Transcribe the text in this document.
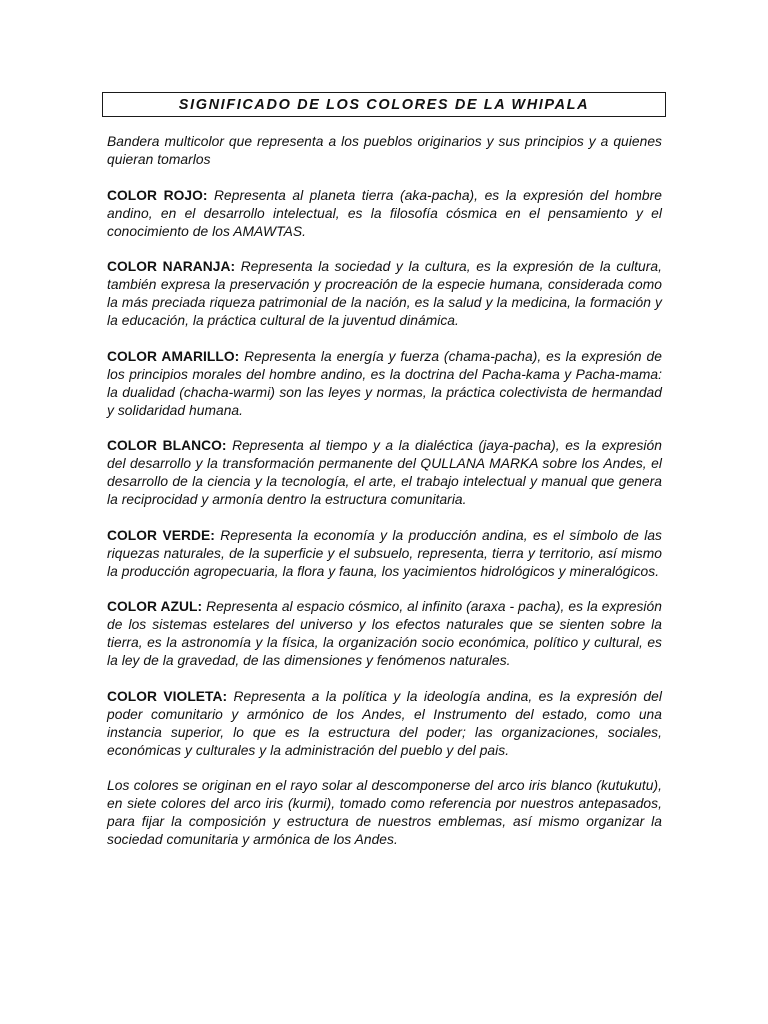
SIGNIFICADO DE LOS COLORES DE LA WHIPALA

Bandera multicolor que representa a los pueblos originarios y sus principios y a quienes quieran tomarlos

COLOR ROJO: Representa al planeta tierra (aka-pacha), es la expresión del hombre andino, en el desarrollo intelectual, es la filosofía cósmica en el pensamiento y el conocimiento de los AMAWTAS.

COLOR NARANJA: Representa la sociedad y la cultura, es la expresión de la cultura, también expresa la preservación y procreación de la especie humana, considerada como la más preciada riqueza patrimonial de la nación, es la salud y la medicina, la formación y la educación, la práctica cultural de la juventud dinámica.

COLOR AMARILLO: Representa la energía y fuerza (chama-pacha), es la expresión de los principios morales del hombre andino, es la doctrina del Pacha-kama y Pacha-mama: la dualidad (chacha-warmi) son las leyes y normas, la práctica colectivista de hermandad y solidaridad humana.

COLOR BLANCO: Representa al tiempo y a la dialéctica (jaya-pacha), es la expresión del desarrollo y la transformación permanente del QULLANA MARKA sobre los Andes, el desarrollo de la ciencia y la tecnología, el arte, el trabajo intelectual y manual que genera la reciprocidad y armonía dentro la estructura comunitaria.

COLOR VERDE: Representa la economía y la producción andina, es el símbolo de las riquezas naturales, de la superficie y el subsuelo, representa, tierra y territorio, así mismo la producción agropecuaria, la flora y fauna, los yacimientos hidrológicos y mineralógicos.

COLOR AZUL: Representa al espacio cósmico, al infinito (araxa - pacha), es la expresión de los sistemas estelares del universo y los efectos naturales que se sienten sobre la tierra, es la astronomía y la física, la organización socio económica, político y cultural, es la ley de la gravedad, de las dimensiones y fenómenos naturales.

COLOR VIOLETA: Representa a la política y la ideología andina, es la expresión del poder comunitario y armónico de los Andes, el Instrumento del estado, como una instancia superior, lo que es la estructura del poder; las organizaciones, sociales, económicas y culturales y la administración del pueblo y del pais.

Los colores se originan en el rayo solar al descomponerse del arco iris blanco (kutukutu), en siete colores del arco iris (kurmi), tomado como referencia por nuestros antepasados, para fijar la composición y estructura de nuestros emblemas, así mismo organizar la sociedad comunitaria y armónica de los Andes.
